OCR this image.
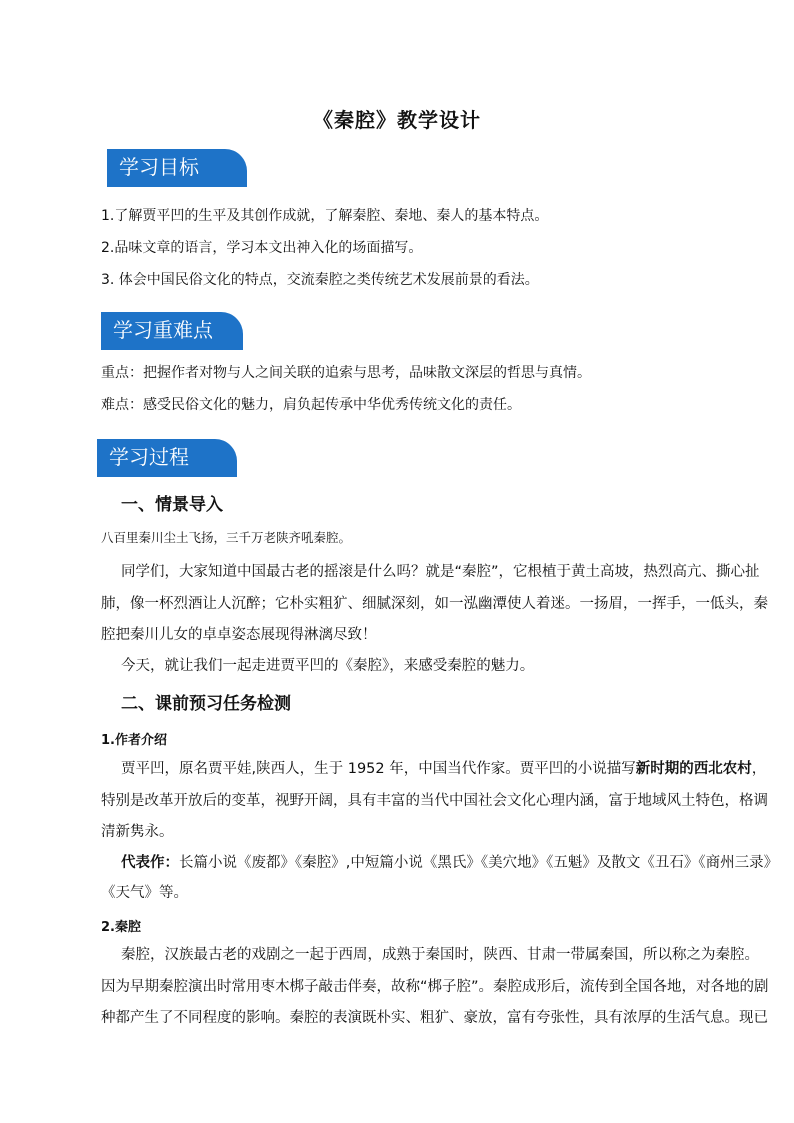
《秦腔》教学设计
学习目标
1.了解贾平凹的生平及其创作成就，了解秦腔、秦地、秦人的基本特点。
2.品味文章的语言，学习本文出神入化的场面描写。
3. 体会中国民俗文化的特点，交流秦腔之类传统艺术发展前景的看法。
学习重难点
重点：把握作者对物与人之间关联的追索与思考，品味散文深层的哲思与真情。
难点：感受民俗文化的魅力，肩负起传承中华优秀传统文化的责任。
学习过程
一、情景导入
八百里秦川尘土飞扬，三千万老陕齐吼秦腔。
同学们，大家知道中国最古老的摇滚是什么吗？就是“秦腔”，它根植于黄土高坡，热烈高亢、撕心扯
肺，像一杯烈酒让人沉醉；它朴实粗犷、细腻深刻，如一泓幽潭使人着迷。一扬眉，一挥手，一低头，秦
腔把秦川儿女的卓卓姿态展现得淋漓尽致！
今天，就让我们一起走进贾平凹的《秦腔》，来感受秦腔的魅力。
二、课前预习任务检测
1.作者介绍
贾平凹，原名贾平娃,陕西人，生于 1952 年，中国当代作家。贾平凹的小说描写新时期的西北农村，
特别是改革开放后的变革，视野开阔，具有丰富的当代中国社会文化心理内涵，富于地域风土特色，格调
清新隽永。
代表作：长篇小说《废都》《秦腔》,中短篇小说《黑氏》《美穴地》《五魁》及散文《丑石》《商州三录》
《天气》等。
2.秦腔
秦腔，汉族最古老的戏剧之一起于西周，成熟于秦国时，陕西、甘肃一带属秦国，所以称之为秦腔。
因为早期秦腔演出时常用枣木梆子敲击伴奏，故称“梆子腔”。秦腔成形后，流传到全国各地，对各地的剧
种都产生了不同程度的影响。秦腔的表演既朴实、粗犷、豪放，富有夸张性，具有浓厚的生活气息。现已
